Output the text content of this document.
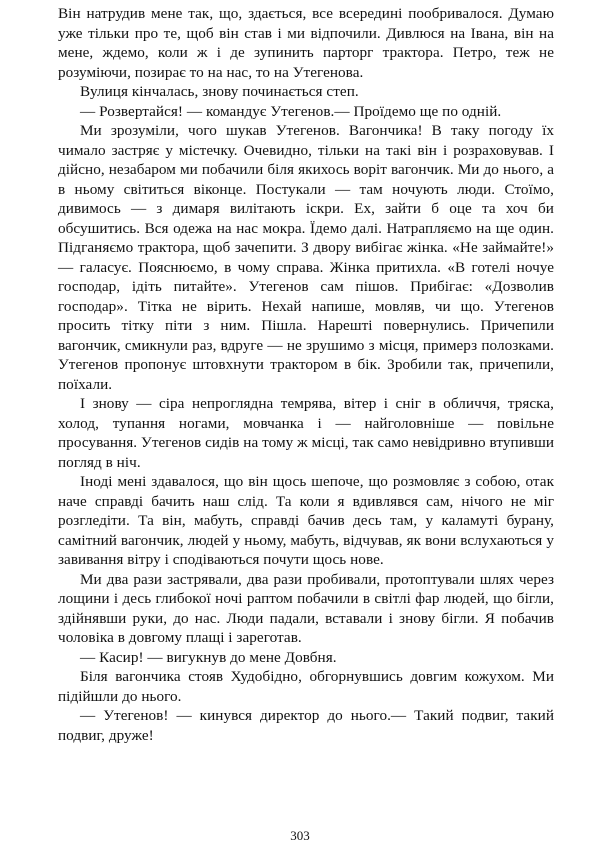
Він натрудив мене так, що, здається, все всередині пообривалося. Думаю уже тільки про те, щоб він став і ми відпочили. Дивлюся на Івана, він на мене, ждемо, коли ж і де зупинить парторг трактора. Петро, теж не розуміючи, позирає то на нас, то на Утегенова.

Вулиця кінчалась, знову починається степ.

— Розвертайся! — командує Утегенов.— Проїдемо ще по одній.

Ми зрозуміли, чого шукав Утегенов. Вагончика! В таку погоду їх чимало застряє у містечку. Очевидно, тільки на такі він і розраховував. І дійсно, незабаром ми побачили біля якихось воріт вагончик. Ми до нього, а в ньому світиться віконце. Постукали — там ночують люди. Стоїмо, дивимось — з димаря вилітають іскри. Ех, зайти б оце та хоч би обсушитись. Вся одежа на нас мокра. Їдемо далі. Натрапляємо на ще один. Підганяємо трактора, щоб зачепити. З двору вибігає жінка. «Не займайте!» — галасує. Пояснюємо, в чому справа. Жінка притихла. «В готелі ночуе господар, ідіть питайте». Утегенов сам пішов. Прибігає: «Дозволив господар». Тітка не вірить. Нехай напише, мовляв, чи що. Утегенов просить тітку піти з ним. Пішла. Нарешті повернулись. Причепили вагончик, смикнули раз, вдруге — не зрушимо з місця, примерз полозками. Утегенов пропонує штовхнути трактором в бік. Зробили так, причепили, поїхали.

І знову — сіра непроглядна темрява, вітер і сніг в обличчя, тряска, холод, тупання ногами, мовчанка і — найголовніше — повільне просування. Утегенов сидів на тому ж місці, так само невідривно втупивши погляд в ніч.

Іноді мені здавалося, що він щось шепоче, що розмовляє з собою, отак наче справді бачить наш слід. Та коли я вдивлявся сам, нічого не міг розгледіти. Та він, мабуть, справді бачив десь там, у каламуті бурану, самітний вагончик, людей у ньому, мабуть, відчував, як вони вслухаються у завивання вітру і сподіваються почути щось нове.

Ми два рази застрявали, два рази пробивали, протоптували шлях через лощини і десь глибокої ночі раптом побачили в світлі фар людей, що бігли, здійнявши руки, до нас. Люди падали, вставали і знову бігли. Я побачив чоловіка в довгому плащі і зареготав.

— Касир! — вигукнув до мене Довбня.

Біля вагончика стояв Худобідно, обгорнувшись довгим кожухом. Ми підійшли до нього.

— Утегенов! — кинувся директор до нього.— Такий подвиг, такий подвиг, друже!

303
